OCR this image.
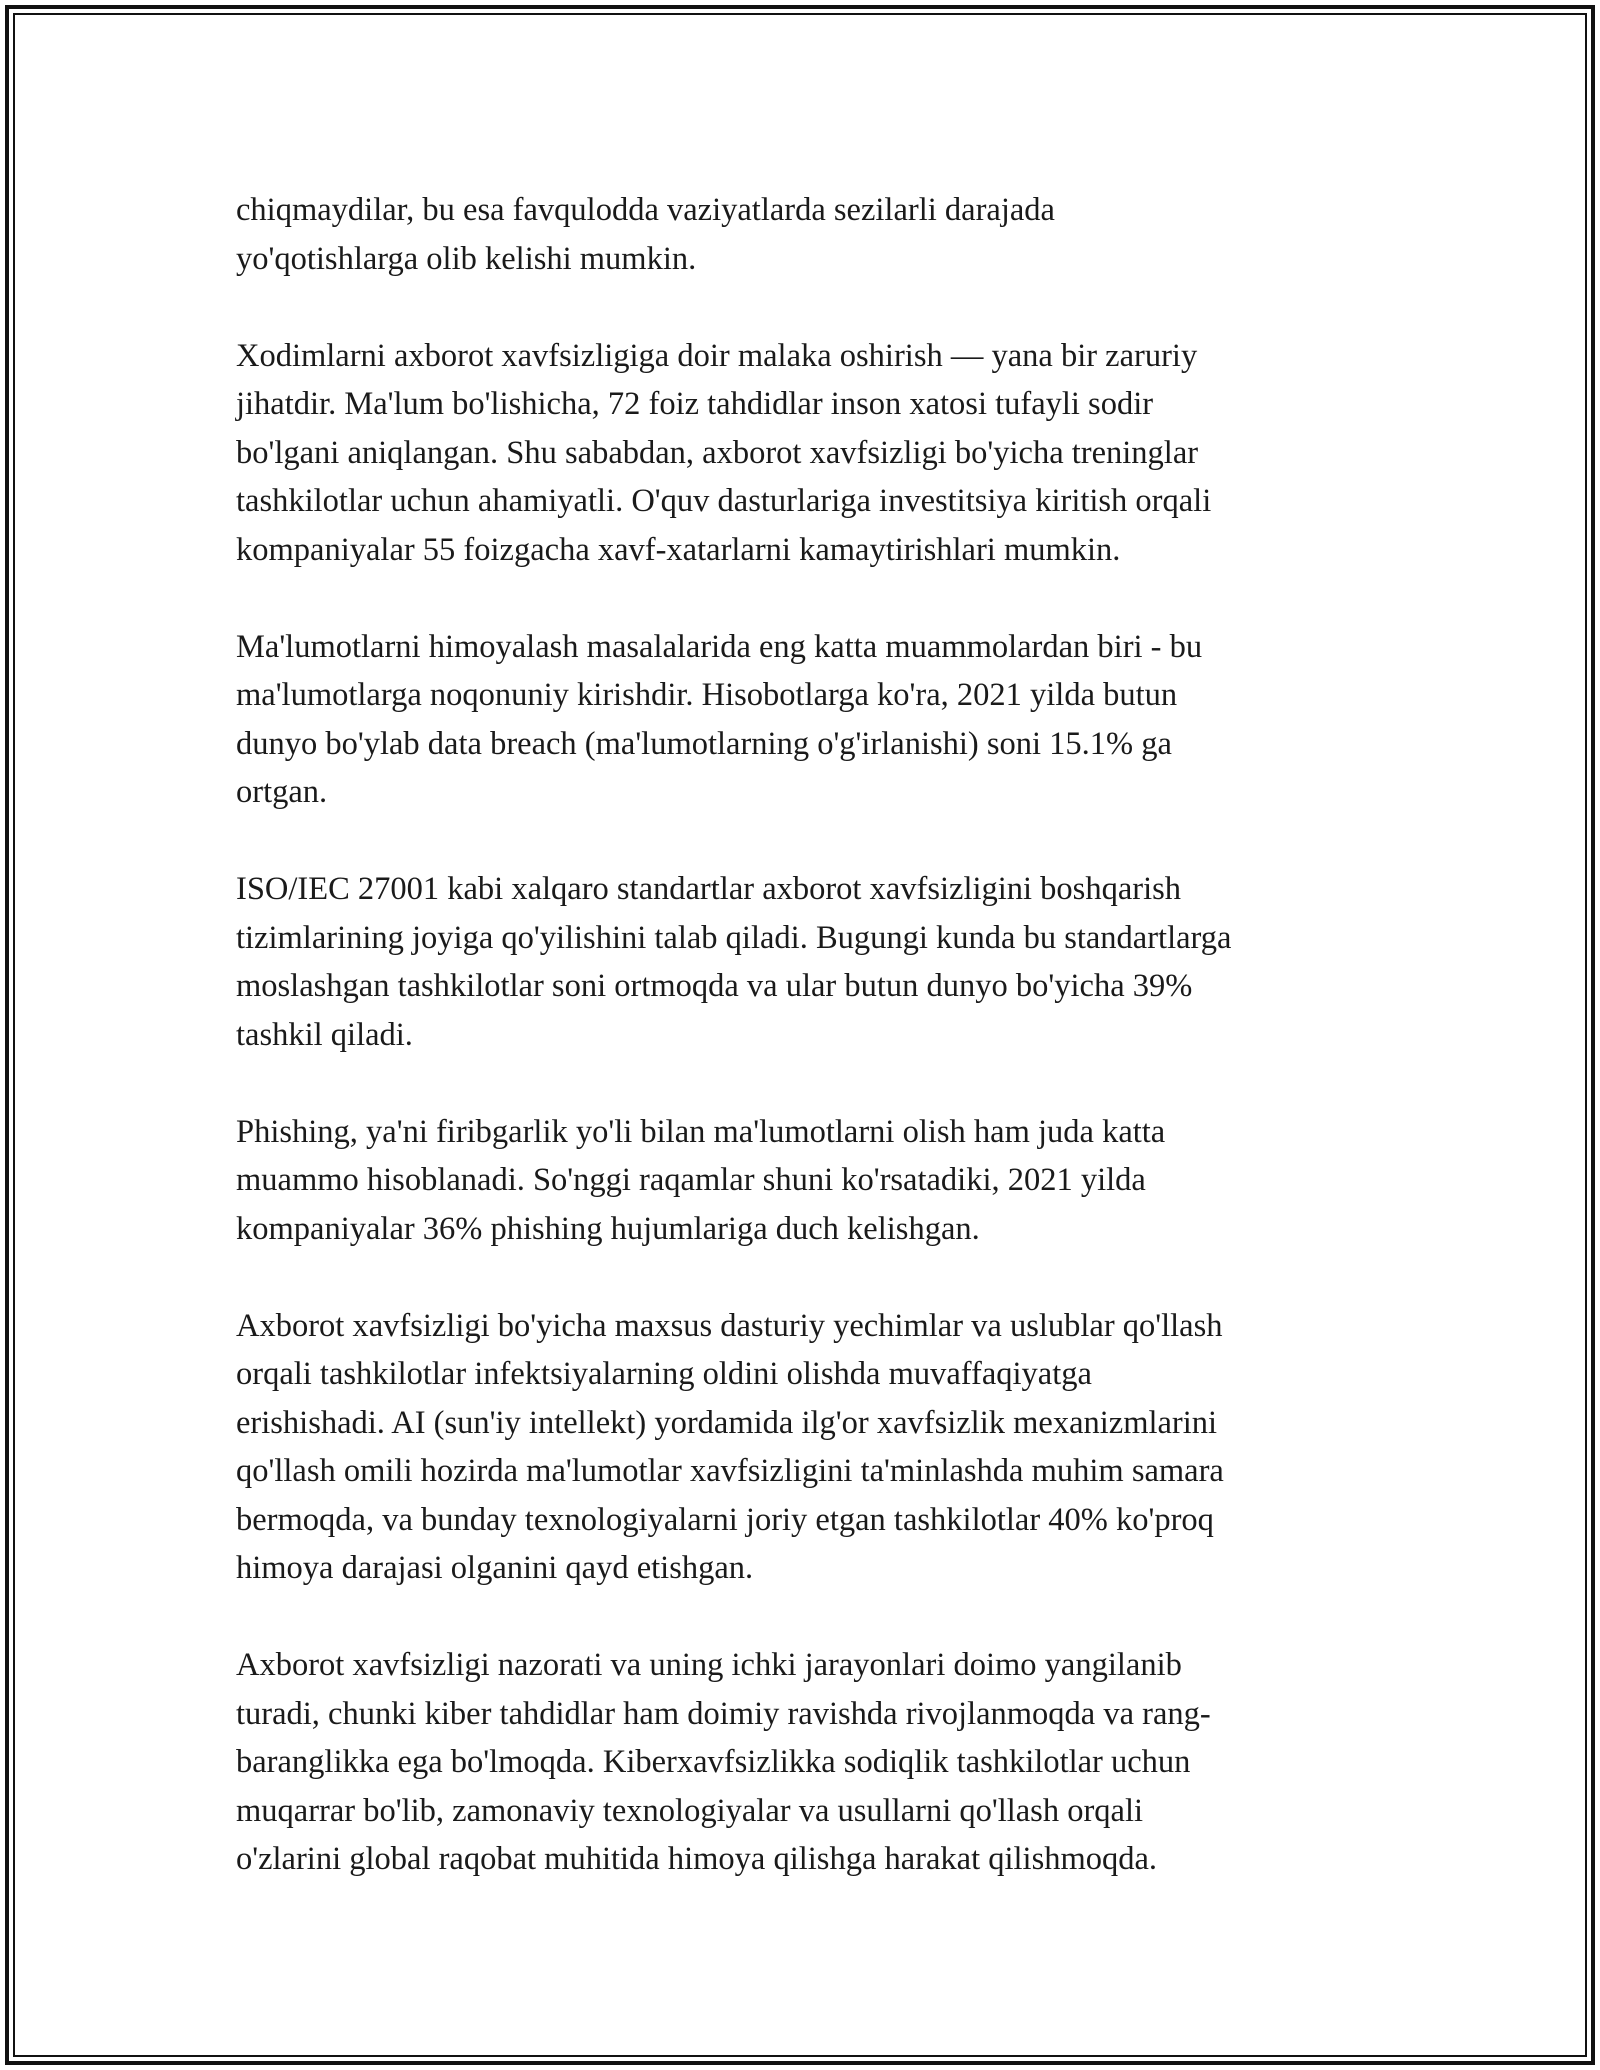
chiqmaydilar, bu esa favqulodda vaziyatlarda sezilarli darajada
yo'qotishlarga olib kelishi mumkin.

Xodimlarni axborot xavfsizligiga doir malaka oshirish — yana bir zaruriy
jihatdir. Ma'lum bo'lishicha, 72 foiz tahdidlar inson xatosi tufayli sodir
bo'lgani aniqlangan. Shu sababdan, axborot xavfsizligi bo'yicha treninglar
tashkilotlar uchun ahamiyatli. O'quv dasturlariga investitsiya kiritish orqali
kompaniyalar 55 foizgacha xavf-xatarlarni kamaytirishlari mumkin.

Ma'lumotlarni himoyalash masalalarida eng katta muammolardan biri - bu
ma'lumotlarga noqonuniy kirishdir. Hisobotlarga ko'ra, 2021 yilda butun
dunyo bo'ylab data breach (ma'lumotlarning o'g'irlanishi) soni 15.1% ga
ortgan.

ISO/IEC 27001 kabi xalqaro standartlar axborot xavfsizligini boshqarish
tizimlarining joyiga qo'yilishini talab qiladi. Bugungi kunda bu standartlarga
moslashgan tashkilotlar soni ortmoqda va ular butun dunyo bo'yicha 39%
tashkil qiladi.

Phishing, ya'ni firibgarlik yo'li bilan ma'lumotlarni olish ham juda katta
muammo hisoblanadi. So'nggi raqamlar shuni ko'rsatadiki, 2021 yilda
kompaniyalar 36% phishing hujumlariga duch kelishgan.

Axborot xavfsizligi bo'yicha maxsus dasturiy yechimlar va uslublar qo'llash
orqali tashkilotlar infektsiyalarning oldini olishda muvaffaqiyatga
erishishadi. AI (sun'iy intellekt) yordamida ilg'or xavfsizlik mexanizmlarini
qo'llash omili hozirda ma'lumotlar xavfsizligini ta'minlashda muhim samara
bermoqda, va bunday texnologiyalarni joriy etgan tashkilotlar 40% ko'proq
himoya darajasi olganini qayd etishgan.

Axborot xavfsizligi nazorati va uning ichki jarayonlari doimo yangilanib
turadi, chunki kiber tahdidlar ham doimiy ravishda rivojlanmoqda va rang-
baranglikka ega bo'lmoqda. Kiberxavfsizlikka sodiqlik tashkilotlar uchun
muqarrar bo'lib, zamonaviy texnologiyalar va usullarni qo'llash orqali
o'zlarini global raqobat muhitida himoya qilishga harakat qilishmoqda.
